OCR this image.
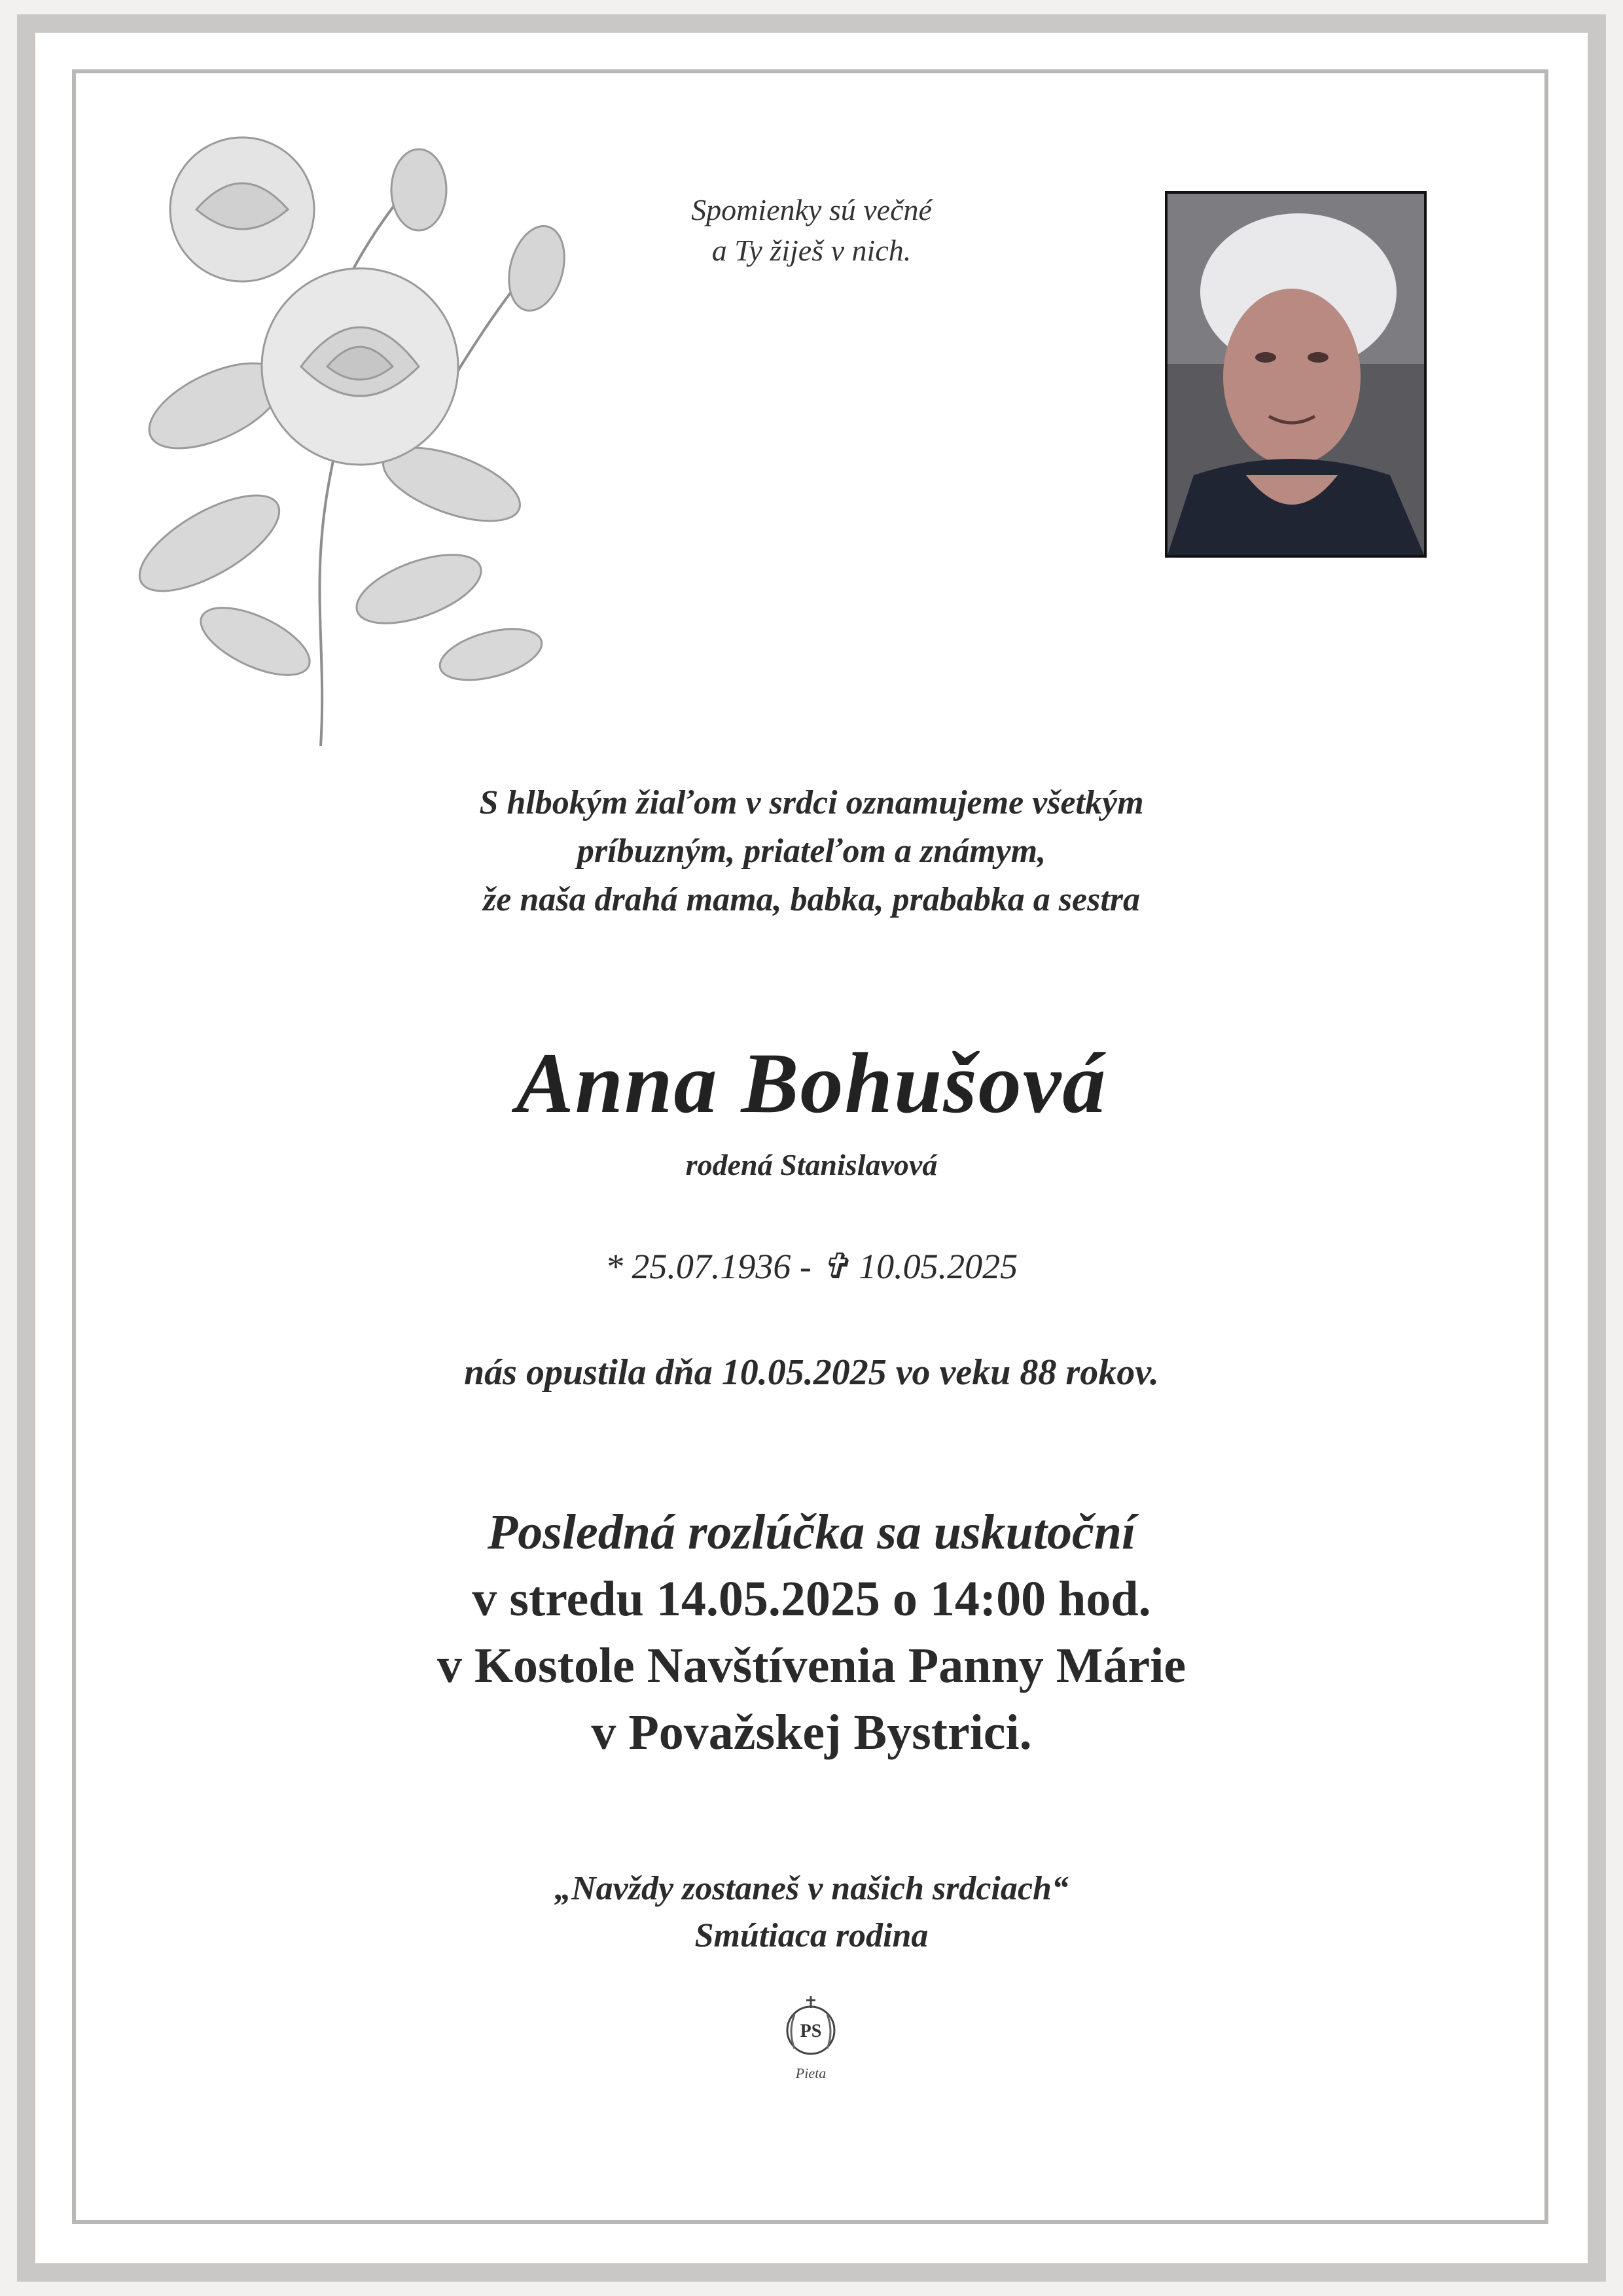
Spomienky sú večné
a Ty žiješ v nich.
S hlbokým žiaľom v srdci oznamujeme všetkým
príbuzným, priateľom a známym,
že naša drahá mama, babka, prababka a sestra
Anna Bohušová
rodená Stanislavová
* 25.07.1936 - ✞ 10.05.2025
nás opustila dňa 10.05.2025 vo veku 88 rokov.
Posledná rozlúčka sa uskutoční
v stredu 14.05.2025 o 14:00 hod.
v Kostole Navštívenia Panny Márie
v Považskej Bystrici.
„Navždy zostaneš v našich srdciach“
Smútiaca rodina
PS
Pieta
